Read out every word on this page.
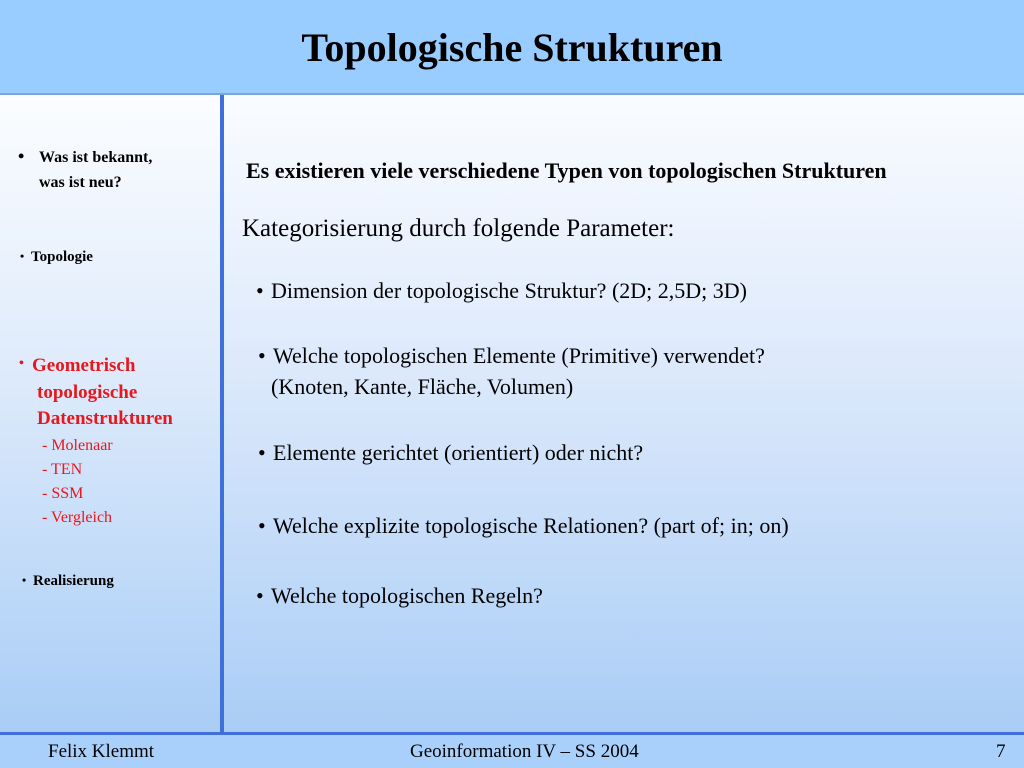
Topologische Strukturen
• Was ist bekannt,

was ist neu?

• Topologie

• Geometrisch

topologische

Datenstrukturen

- Molenaar

- TEN

- SSM

- Vergleich

• Realisierung

Es existieren viele verschiedene Typen von topologischen Strukturen

Kategorisierung durch folgende Parameter:

• Dimension der topologische Struktur? (2D; 2,5D; 3D)

• Welche topologischen Elemente (Primitive) verwendet?

(Knoten, Kante, Fläche, Volumen)

• Elemente gerichtet (orientiert) oder nicht?

• Welche explizite topologische Relationen? (part of; in; on)

• Welche topologischen Regeln?

Felix Klemmt	Geoinformation IV – SS 2004	7
